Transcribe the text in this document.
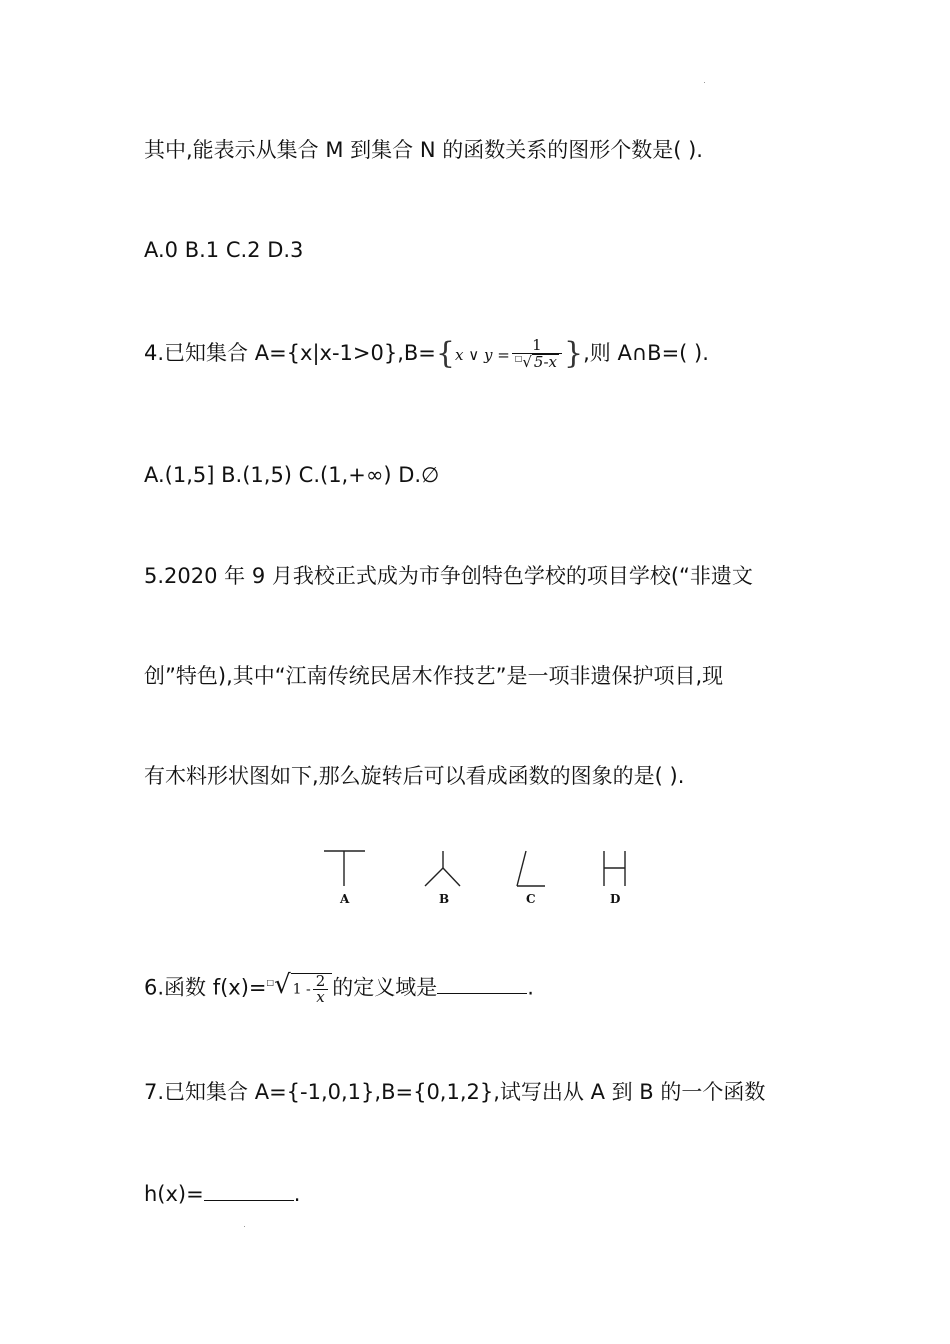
其中,能表示从集合 M 到集合 N 的函数关系的图形个数是( ).
A.0 B.1 C.2 D.3
4.已知集合 A={x|x-1>0},B={x ∨ $y = \frac{1}{^□√ 5-x}$ },则 A∩B=( ).
A.(1,5] B.(1,5) C.(1,+∞) D.∅
5.2020 年 9 月我校正式成为市争创特色学校的项目学校(“非遗文
创”特色),其中“江南传统民居木作技艺”是一项非遗保护项目,现
有木料形状图如下,那么旋转后可以看成函数的图象的是( ).
A	B	C	D
6.函数 f(x)=□√ $1 - \frac{2}{x}$ 的定义域是	.
7.已知集合 A={-1,0,1},B={0,1,2},试写出从 A 到 B 的一个函数
h(x)=	.
